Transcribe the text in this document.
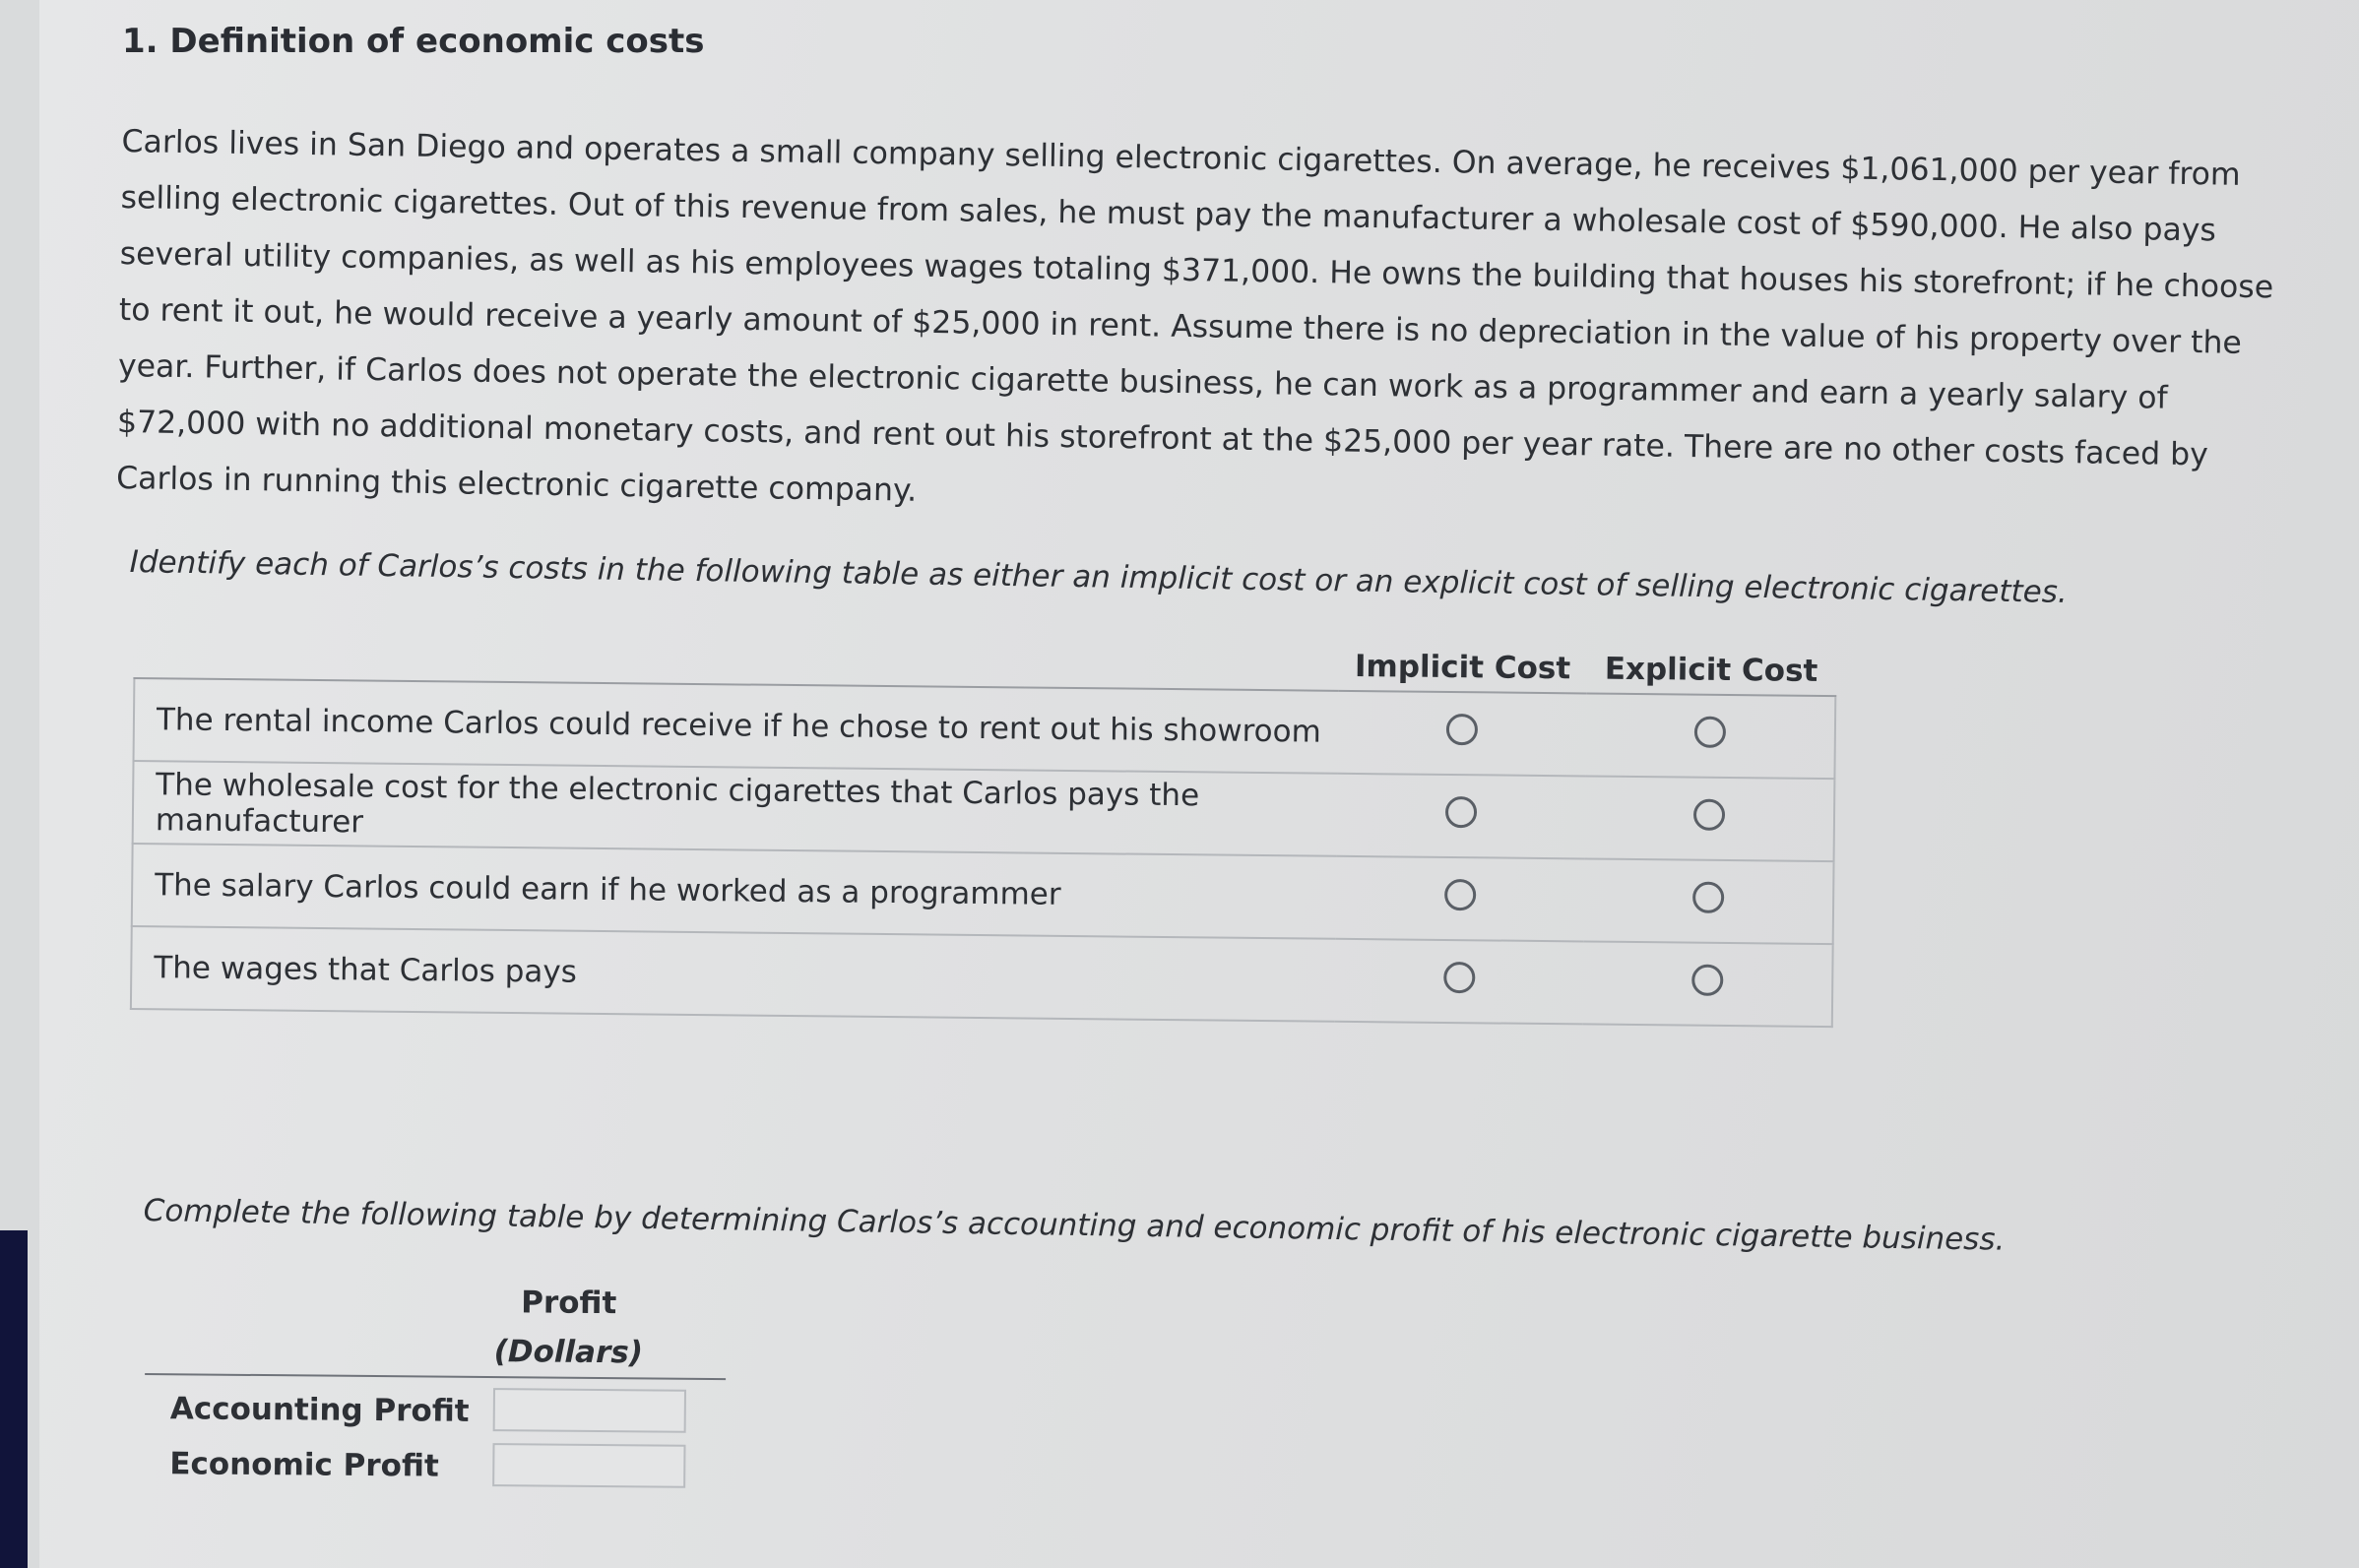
1. Definition of economic costs
Carlos lives in San Diego and operates a small company selling electronic cigarettes. On average, he receives $1,061,000 per year from selling electronic cigarettes. Out of this revenue from sales, he must pay the manufacturer a wholesale cost of $590,000. He also pays several utility companies, as well as his employees wages totaling $371,000. He owns the building that houses his storefront; if he choose to rent it out, he would receive a yearly amount of $25,000 in rent. Assume there is no depreciation in the value of his property over the year. Further, if Carlos does not operate the electronic cigarette business, he can work as a programmer and earn a yearly salary of $72,000 with no additional monetary costs, and rent out his storefront at the $25,000 per year rate. There are no other costs faced by Carlos in running this electronic cigarette company.
Identify each of Carlos’s costs in the following table as either an implicit cost or an explicit cost of selling electronic cigarettes.
	Implicit Cost	Explicit Cost
The rental income Carlos could receive if he chose to rent out his showroom		
The wholesale cost for the electronic cigarettes that Carlos pays the manufacturer		
The salary Carlos could earn if he worked as a programmer		
The wages that Carlos pays		
Complete the following table by determining Carlos’s accounting and economic profit of his electronic cigarette business.
Profit
(Dollars)
Accounting Profit
Economic Profit
